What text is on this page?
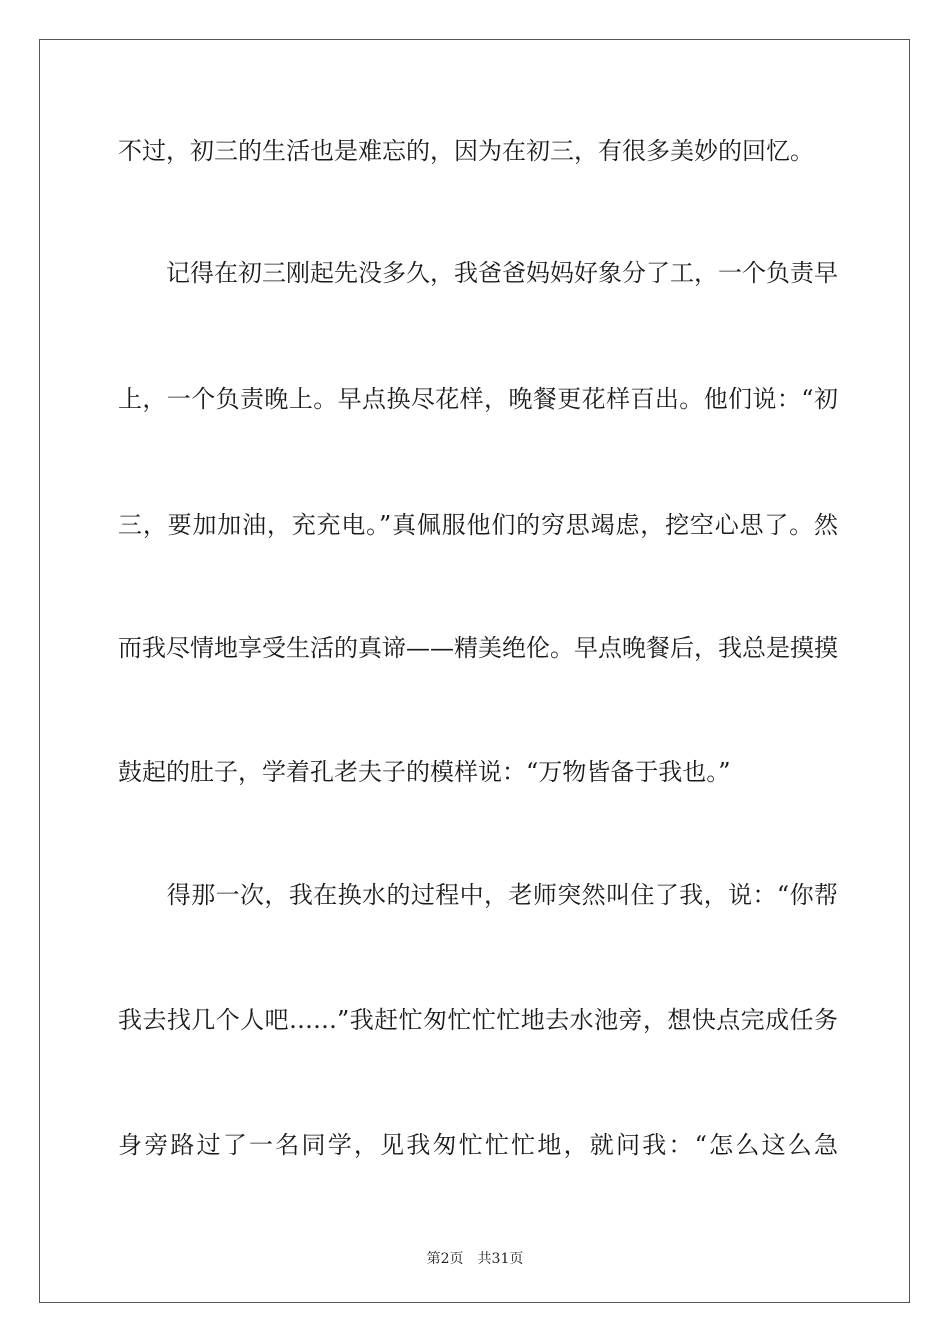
不过，初三的生活也是难忘的，因为在初三，有很多美妙的回忆。
　　记得在初三刚起先没多久，我爸爸妈妈好象分了工，一个负责早
上，一个负责晚上。早点换尽花样，晚餐更花样百出。他们说：“初
三，要加加油，充充电。”真佩服他们的穷思竭虑，挖空心思了。然
而我尽情地享受生活的真谛——精美绝伦。早点晚餐后，我总是摸摸
鼓起的肚子，学着孔老夫子的模样说：“万物皆备于我也。”
　　得那一次，我在换水的过程中，老师突然叫住了我，说：“你帮
我去找几个人吧……”我赶忙匆忙忙忙地去水池旁，想快点完成任务
身旁路过了一名同学，见我匆忙忙忙地，就问我：“怎么这么急
第2页　共31页
